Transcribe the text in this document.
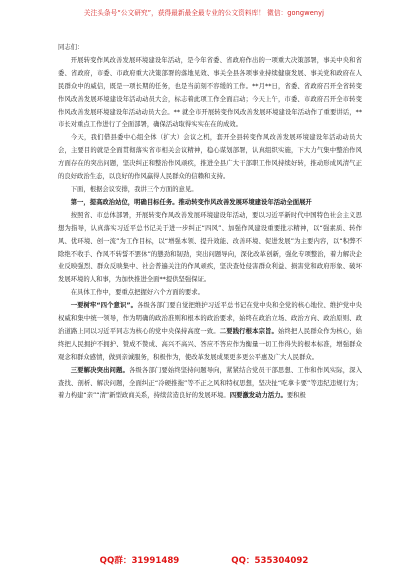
关注头条号“公文研究”，获得最新最全最专业的公文资料库！ 微信：gongwenyj

同志们：

开展转变作风改善发展环境建设年活动，是今年省委、省政府作出的一项重大决策部署，事关中央和省委、省政府，市委、市政府重大决策部署的落地见效、事关全县各项事业持续健康发展、事关党和政府在人民群众中的威信，既是一项长期的任务，也是当前刻不容缓的工作。**月**日，省委、省政府召开全省转变作风改善发展环境建设年活动动员大会，标志着此项工作全面启动；今天上午，市委、市政府召开全市转变作风改善发展环境建设年活动动员大会。** 就全市开展转变作风改善发展环境建设年活动作了重要讲话，**市长对重点工作进行了全面部署，确保活动取得实实在在的成效。

今天，我们借县委中心组全体（扩大）会议之机，套开全县转变作风改善发展环境建设年活动动员大会，主要目的就是全面贯彻落实省市相关会议精神，稳心谋划部署，认真组织实施，下大力气集中整治作风方面存在的突出问题，坚决纠正和整治作风顽疾，推进全县广大干部职工作风持续好转，推动形成风清气正的良好政治生态，以良好的作风赢得人民群众的信赖和支持。

下面，根据会议安排，我讲三个方面的意见。

第一，提高政治站位，明确目标任务。推动转变作风改善发展环境建设年活动全面展开

按照省、市总体部署，开展转变作风改善发展环境建设年活动，要以习近平新时代中国特色社会主义思想为指导，认真落实习近平总书记关于进一步纠正“四风”、加强作风建设重要批示精神，以“强素质、转作风、优环境、创一流”为工作目标，以“增强本领、提升效能、改善环境、促进发展”为主要内容，以“积弊不除绝不收手、作风不转誓不罢休”的態劲和韧劲，突出问题导向，深化改革创新，强化专项整治，着力解决企业反映强烈、群众反映集中、社会普遍关注的作风顽疾，坚决查处侵害群众利益、损害党和政府形象、破坏发展环境的人和事，为加快推进全面**提供坚强保证。

在具体工作中，要重点把握好六个方面的要求。

一要树牢“四个意识”。各级各部门要自觉把维护习近平总书记在党中央和全党的核心地位、维护党中央权威和集中统一领导，作为明确的政治准则和根本的政治要求，始终在政治立场、政治方向、政治原则、政治道路上同以习近平同志为核心的党中央保持高度一致。二要践行根本宗旨。始终把人民群众作为核心，始终把人民拥护不拥护、赞成不赞成、高兴不高兴、答应不答应作为衡量一切工作得失的根本标准，增强群众观念和群众感情，做到亲诚服务，积极作为，使改革发展成果更多更公平惠及广大人民群众。

三要解决突出问题。各级各部门要始终坚持问题导向，紧紧结合党员干部思想、工作和作风实际，深入查找、剖析、解决问题，全面纠正“冷硬推拖”等不正之风和特权思想，坚决扯“吃拿卡要”等违纪违规行为；着力构建“亲”“清”新型政商关系，持续营造良好的发展环境。四要激发动力活力。要积极

QQ群：31991489	QQ：535304092
